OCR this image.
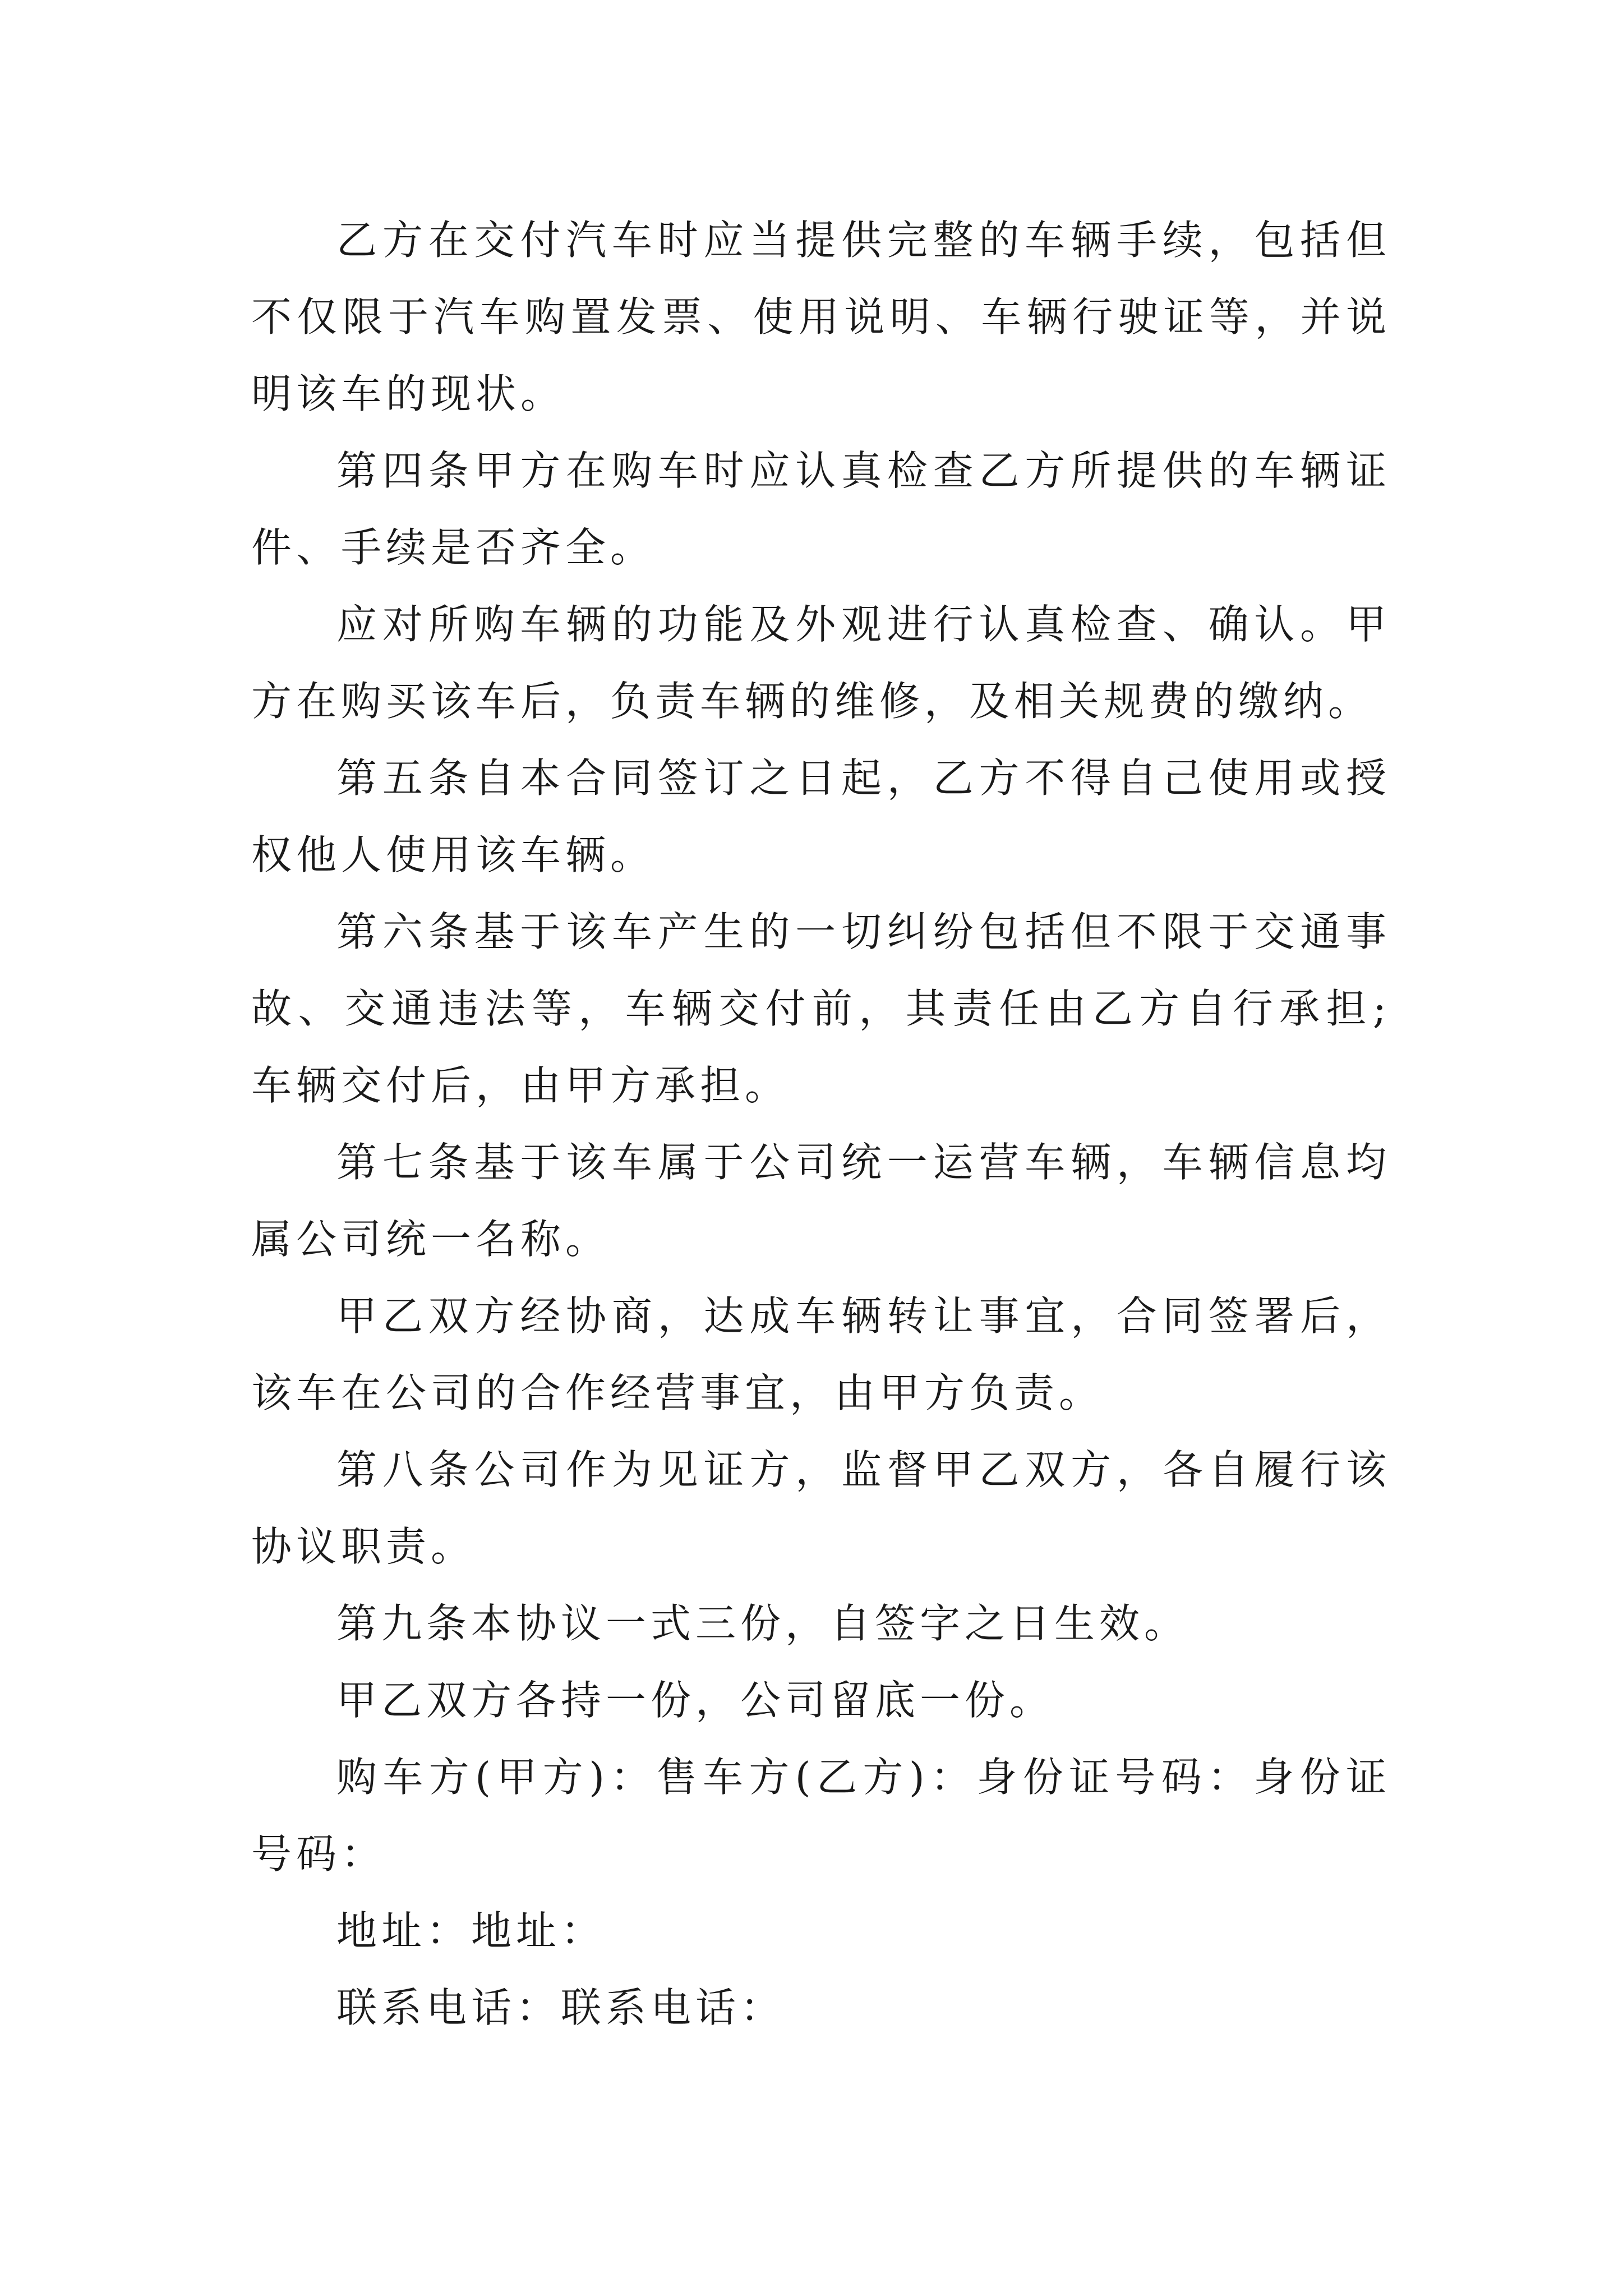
乙方在交付汽车时应当提供完整的车辆手续，包括但不仅限于汽车购置发票、使用说明、车辆行驶证等，并说明该车的现状。

第四条甲方在购车时应认真检查乙方所提供的车辆证件、手续是否齐全。

应对所购车辆的功能及外观进行认真检查、确认。甲方在购买该车后，负责车辆的维修，及相关规费的缴纳。

第五条自本合同签订之日起，乙方不得自己使用或授权他人使用该车辆。

第六条基于该车产生的一切纠纷包括但不限于交通事故、交通违法等，车辆交付前，其责任由乙方自行承担;车辆交付后，由甲方承担。

第七条基于该车属于公司统一运营车辆，车辆信息均属公司统一名称。

甲乙双方经协商，达成车辆转让事宜，合同签署后，该车在公司的合作经营事宜，由甲方负责。

第八条公司作为见证方，监督甲乙双方，各自履行该协议职责。

第九条本协议一式三份，自签字之日生效。

甲乙双方各持一份，公司留底一份。

购车方(甲方)：售车方(乙方)：身份证号码：身份证号码：

地址：地址：

联系电话：联系电话：
